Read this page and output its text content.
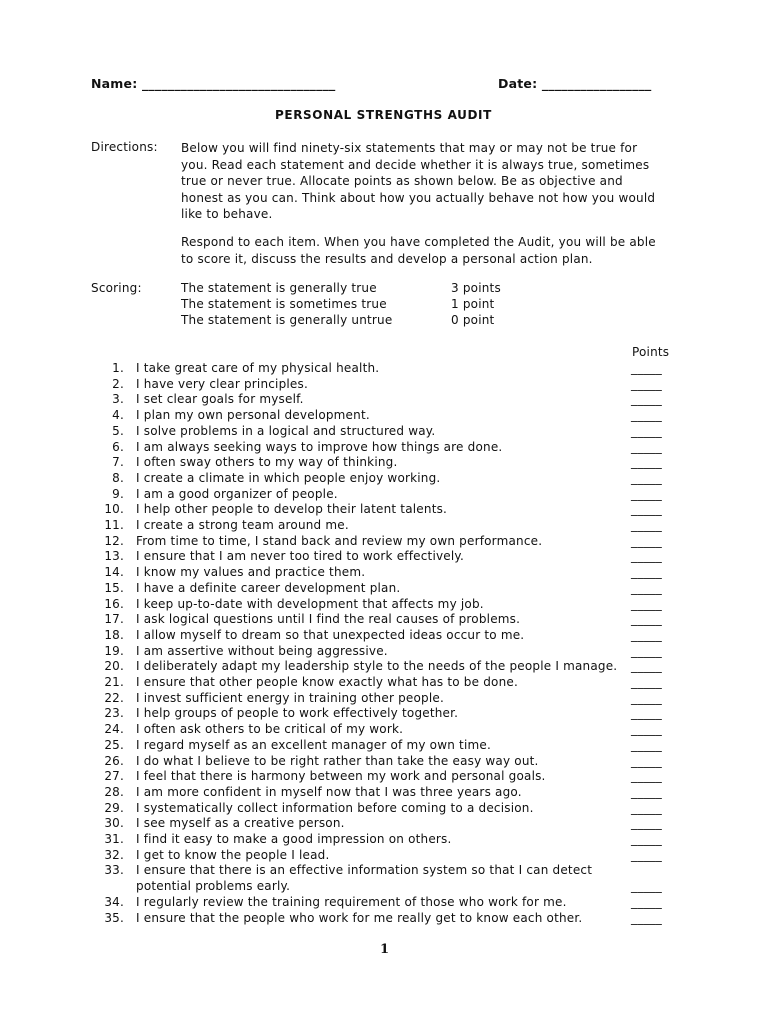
Name: ______________________________	Date: _________________
PERSONAL STRENGTHS AUDIT
Directions: Below you will find ninety-six statements that may or may not be true for
you. Read each statement and decide whether it is always true, sometimes
true or never true. Allocate points as shown below. Be as objective and
honest as you can. Think about how you actually behave not how you would
like to behave.
Respond to each item. When you have completed the Audit, you will be able
to score it, discuss the results and develop a personal action plan.
Scoring:	The statement is generally true	3 points
The statement is sometimes true	1 point
The statement is generally untrue	0 point
Points
1. I take great care of my physical health.	_____
2. I have very clear principles.	_____
3. I set clear goals for myself.	_____
4. I plan my own personal development.	_____
5. I solve problems in a logical and structured way.	_____
6. I am always seeking ways to improve how things are done.	_____
7. I often sway others to my way of thinking.	_____
8. I create a climate in which people enjoy working.	_____
9. I am a good organizer of people.	_____
10. I help other people to develop their latent talents.	_____
11. I create a strong team around me.	_____
12. From time to time, I stand back and review my own performance.	_____
13. I ensure that I am never too tired to work effectively.	_____
14. I know my values and practice them.	_____
15. I have a definite career development plan.	_____
16. I keep up-to-date with development that affects my job.	_____
17. I ask logical questions until I find the real causes of problems.	_____
18. I allow myself to dream so that unexpected ideas occur to me.	_____
19. I am assertive without being aggressive.	_____
20. I deliberately adapt my leadership style to the needs of the people I manage. _____
21. I ensure that other people know exactly what has to be done.	_____
22. I invest sufficient energy in training other people.	_____
23. I help groups of people to work effectively together.	_____
24. I often ask others to be critical of my work.	_____
25. I regard myself as an excellent manager of my own time.	_____
26. I do what I believe to be right rather than take the easy way out.	_____
27. I feel that there is harmony between my work and personal goals.	_____
28. I am more confident in myself now that I was three years ago.	_____
29. I systematically collect information before coming to a decision.	_____
30. I see myself as a creative person.	_____
31. I find it easy to make a good impression on others.	_____
32. I get to know the people I lead.	_____
33. I ensure that there is an effective information system so that I can detect
potential problems early.	_____
34. I regularly review the training requirement of those who work for me.	_____
35. I ensure that the people who work for me really get to know each other.	_____
1
